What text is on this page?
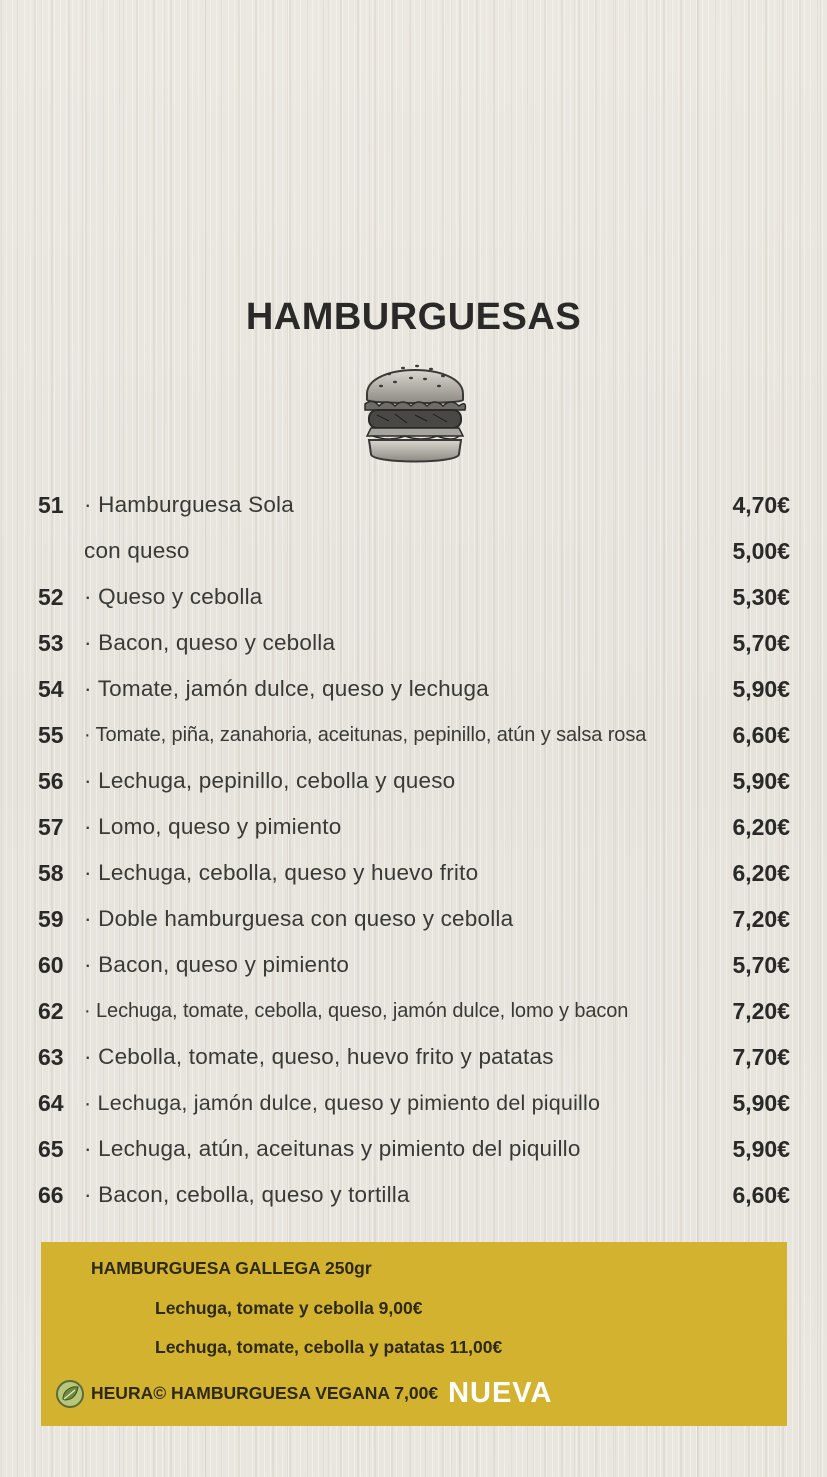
HAMBURGUESAS
51 · Hamburguesa Sola	4,70€
con queso	5,00€
52 · Queso y cebolla	5,30€
53 · Bacon, queso y cebolla	5,70€
54 · Tomate, jamón dulce, queso y lechuga	5,90€
55	· Tomate, piña, zanahoria, aceitunas, pepinillo, atún y salsa rosa	6,60€
56 · Lechuga, pepinillo, cebolla y queso	5,90€
57 · Lomo, queso y pimiento	6,20€
58 · Lechuga, cebolla, queso y huevo frito	6,20€
59 · Doble hamburguesa con queso y cebolla	7,20€
60 · Bacon, queso y pimiento	5,70€
62	· Lechuga, tomate, cebolla, queso, jamón dulce, lomo y bacon	7,20€
63 · Cebolla, tomate, queso, huevo frito y patatas	7,70€
64 · Lechuga, jamón dulce, queso y pimiento del piquillo	5,90€
65 · Lechuga, atún, aceitunas y pimiento del piquillo	5,90€
66 · Bacon, cebolla, queso y tortilla	6,60€
HAMBURGUESA GALLEGA 250gr
Lechuga, tomate y cebolla 9,00€
Lechuga, tomate, cebolla y patatas 11,00€
HEURA© HAMBURGUESA VEGANA 7,00€ NUEVA
